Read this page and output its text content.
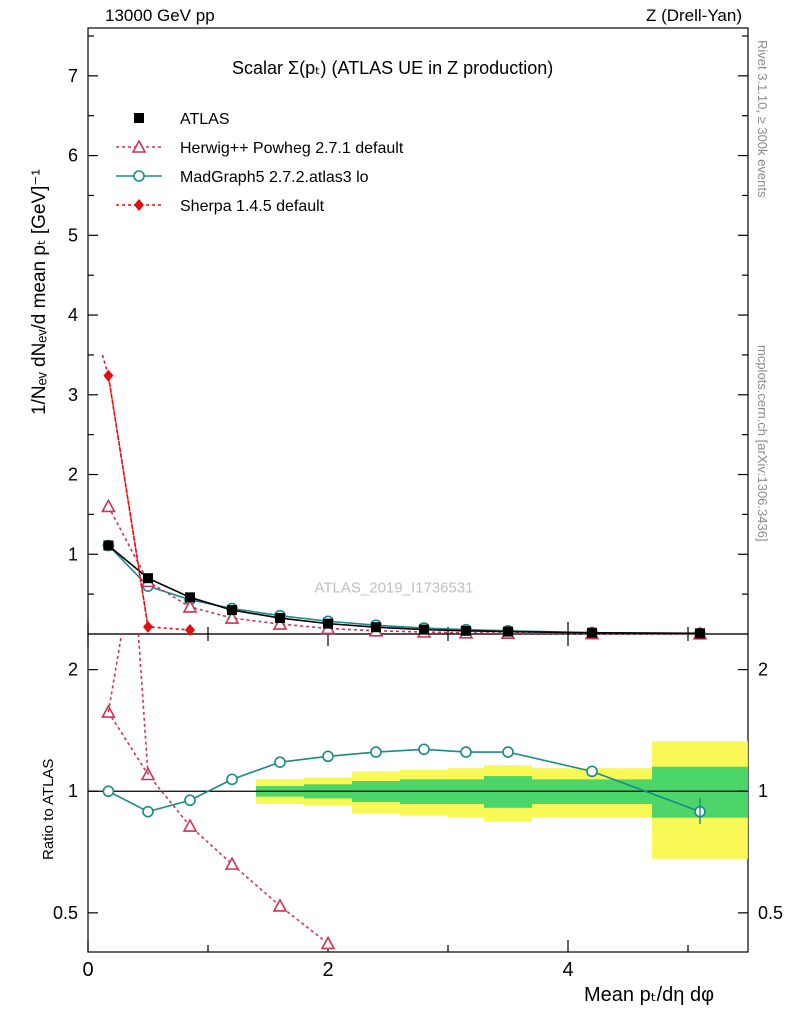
13000 GeV pp	Z (Drell-Yan)
Rivet 3.1.10, ≥ 300k events
mcplots.cern.ch [arXiv:1306.3436]
1/Nₑᵥ dNₑᵥ/d mean pₜ [GeV]⁻¹
Ratio to ATLAS
Mean pₜ/dη dφ
Scalar Σ(pₜ) (ATLAS UE in Z production)
1
2
3
4
5
6
7
0.5	0.5
1	1
2	2
0	2	4
ATLAS_2019_I1736531
ATLAS
Herwig++ Powheg 2.7.1 default
MadGraph5 2.7.2.atlas3 lo
Sherpa 1.4.5 default
